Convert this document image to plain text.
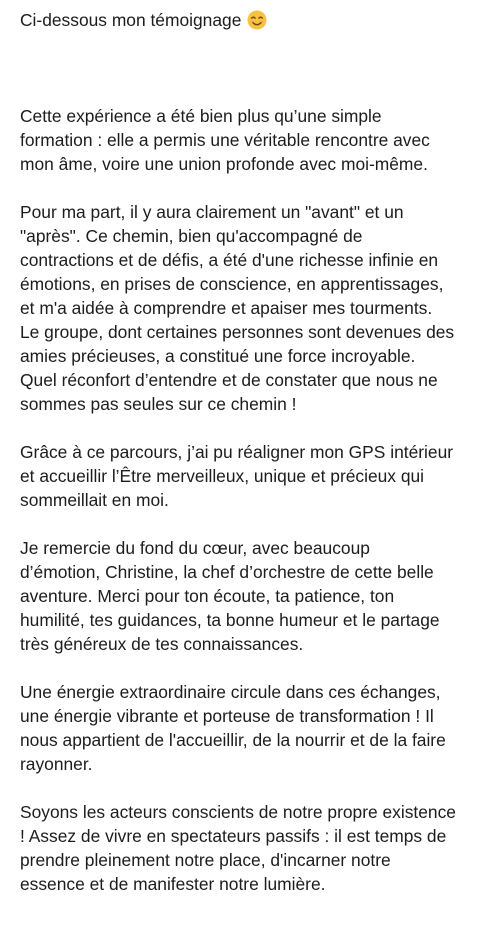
Ci-dessous mon témoignage

Cette expérience a été bien plus qu’une simple
formation : elle a permis une véritable rencontre avec
mon âme, voire une union profonde avec moi-même.

Pour ma part, il y aura clairement un "avant" et un
"après". Ce chemin, bien qu'accompagné de
contractions et de défis, a été d'une richesse infinie en
émotions, en prises de conscience, en apprentissages,
et m'a aidée à comprendre et apaiser mes tourments.
Le groupe, dont certaines personnes sont devenues des
amies précieuses, a constitué une force incroyable.
Quel réconfort d’entendre et de constater que nous ne
sommes pas seules sur ce chemin !

Grâce à ce parcours, j’ai pu réaligner mon GPS intérieur
et accueillir l’Être merveilleux, unique et précieux qui
sommeillait en moi.

Je remercie du fond du cœur, avec beaucoup
d’émotion, Christine, la chef d’orchestre de cette belle
aventure. Merci pour ton écoute, ta patience, ton
humilité, tes guidances, ta bonne humeur et le partage
très généreux de tes connaissances.

Une énergie extraordinaire circule dans ces échanges,
une énergie vibrante et porteuse de transformation ! Il
nous appartient de l'accueillir, de la nourrir et de la faire
rayonner.

Soyons les acteurs conscients de notre propre existence
! Assez de vivre en spectateurs passifs : il est temps de
prendre pleinement notre place, d'incarner notre
essence et de manifester notre lumière.
